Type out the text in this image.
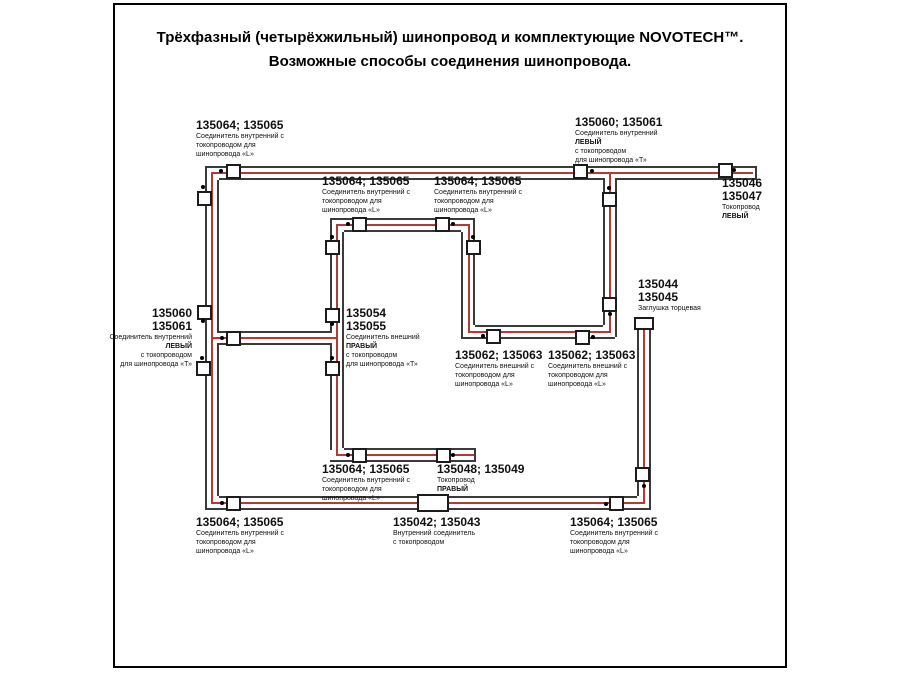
Трёхфазный (четырёхжильный) шинопровод и комплектующие NOVOTECH™.
Возможные способы соединения шинопровода.
135064; 135065
Соединитель внутренний с
токопроводом для
шинопровода «L»
135060; 135061
Соединитель внутренний
ЛЕВЫЙ
с токопроводом
для шинопровода «Т»
135046
135047
Токопровод
ЛЕВЫЙ
135064; 135065
Соединитель внутренний с
токопроводом для
шинопровода «L»
135064; 135065
Соединитель внутренний с
токопроводом для
шинопровода «L»
135060
135061
Соединитель внутренний
ЛЕВЫЙ
с токопроводом
для шинопровода «Т»
135054
135055
Соединитель внешний
ПРАВЫЙ
с токопроводом
для шинопровода «Т»
135062; 135063
Соединитель внешний с
токопроводом для
шинопровода «L»
135062; 135063
Соединитель внешний с
токопроводом для
шинопровода «L»
135044
135045
Заглушка торцевая
135064; 135065
Соединитель внутренний с
токопроводом для
шинопровода «L»
135048; 135049
Токопровод
ПРАВЫЙ
135064; 135065
Соединитель внутренний с
токопроводом для
шинопровода «L»
135042; 135043
Внутренний соединитель
с токопроводом
135064; 135065
Соединитель внутренний с
токопроводом для
шинопровода «L»
